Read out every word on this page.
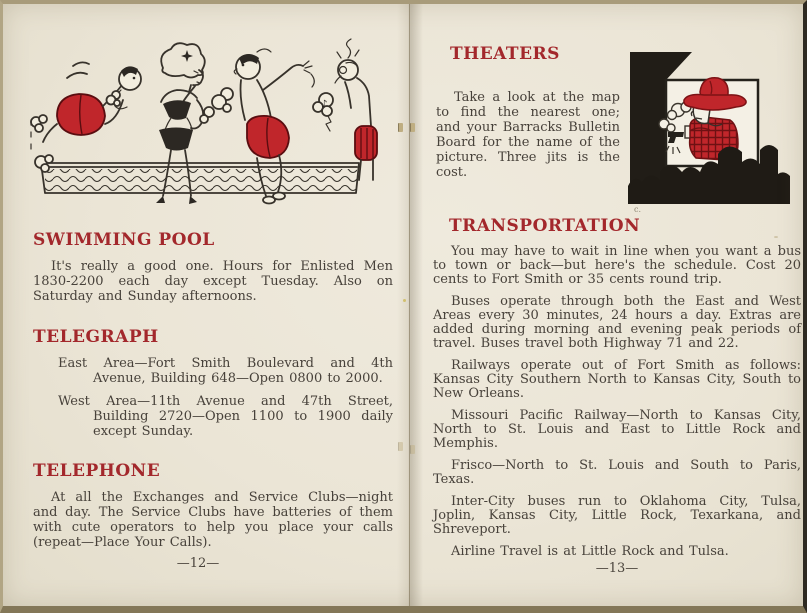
♪
SWIMMING POOL

It's really a good one. Hours for Enlisted Men 1830-2200 each day except Tuesday. Also on Saturday and Sunday afternoons.

TELEGRAPH

East Area—Fort Smith Boulevard and 4th Avenue, Building 648—Open 0800 to 2000.

West Area—11th Avenue and 47th Street, Building 2720—Open 1100 to 1900 daily except Sunday.

TELEPHONE

At all the Exchanges and Service Clubs—night and day. The Service Clubs have batteries of them with cute operators to help you place your calls (repeat—Place Your Calls).

—12—
THEATERS

Take a look at the map to find the nearest one; and your Barracks Bulletin Board for the name of the picture. Three jits is the cost.

c.
TRANSPORTATION

You may have to wait in line when you want a bus to town or back—but here's the schedule. Cost 20 cents to Fort Smith or 35 cents round trip.

Buses operate through both the East and West Areas every 30 minutes, 24 hours a day. Extras are added during morning and evening peak periods of travel. Buses travel both Highway 71 and 22.

Railways operate out of Fort Smith as follows: Kansas City Southern North to Kansas City, South to New Orleans.

Missouri Pacific Railway—North to Kansas City, North to St. Louis and East to Little Rock and Memphis.

Frisco—North to St. Louis and South to Paris, Texas.

Inter-City buses run to Oklahoma City, Tulsa, Joplin, Kansas City, Little Rock, Texarkana, and Shreveport.

Airline Travel is at Little Rock and Tulsa.

—13—
